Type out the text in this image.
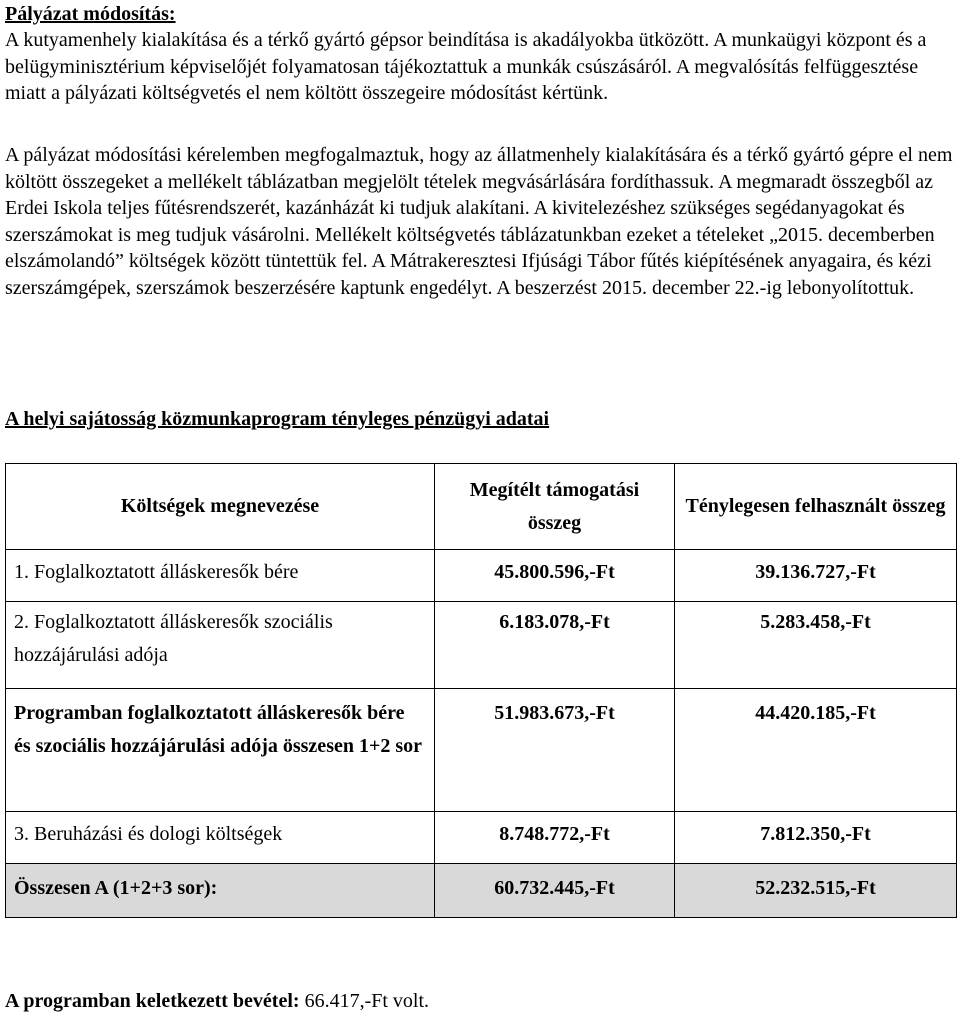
Pályázat módosítás:

A kutyamenhely kialakítása és a térkő gyártó gépsor beindítása is akadályokba ütközött. A munkaügyi központ és a belügyminisztérium képviselőjét folyamatosan tájékoztattuk a munkák csúszásáról. A megvalósítás felfüggesztése miatt a pályázati költségvetés el nem költött összegeire módosítást kértünk.

A pályázat módosítási kérelemben megfogalmaztuk, hogy az állatmenhely kialakítására és a térkő gyártó gépre el nem költött összegeket a mellékelt táblázatban megjelölt tételek megvásárlására fordíthassuk. A megmaradt összegből az Erdei Iskola teljes fűtésrendszerét, kazánházát ki tudjuk alakítani. A kivitelezéshez szükséges segédanyagokat és szerszámokat is meg tudjuk vásárolni. Mellékelt költségvetés táblázatunkban ezeket a tételeket „2015. decemberben elszámolandó” költségek között tüntettük fel. A Mátrakeresztesi Ifjúsági Tábor fűtés kiépítésének anyagaira, és kézi szerszámgépek, szerszámok beszerzésére kaptunk engedélyt. A beszerzést 2015. december 22.-ig lebonyolítottuk.

A helyi sajátosság közmunkaprogram tényleges pénzügyi adatai

Költségek megnevezése	Megítélt támogatási összeg	Ténylegesen felhasznált összeg
1. Foglalkoztatott álláskeresők bére	45.800.596,-Ft	39.136.727,-Ft
2. Foglalkoztatott álláskeresők szociális hozzájárulási adója	6.183.078,-Ft	5.283.458,-Ft
Programban foglalkoztatott álláskeresők bére és szociális hozzájárulási adója összesen 1+2 sor	51.983.673,-Ft	44.420.185,-Ft
3. Beruházási és dologi költségek	8.748.772,-Ft	7.812.350,-Ft
Összesen A (1+2+3 sor):	60.732.445,-Ft	52.232.515,-Ft

A programban keletkezett bevétel: 66.417,-Ft volt.
